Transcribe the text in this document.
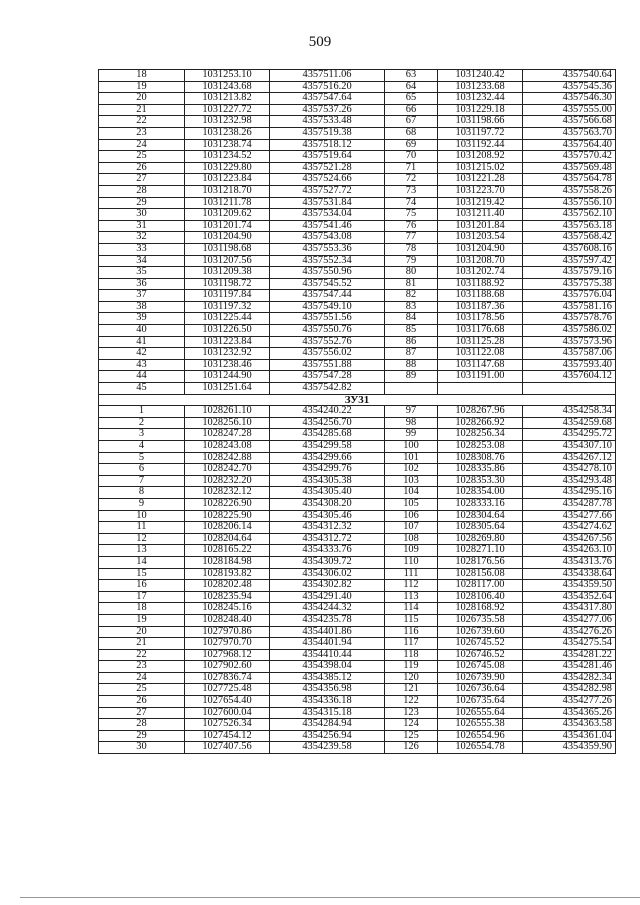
509
18	1031253.10	4357511.06	63	1031240.42	4357540.64
19	1031243.68	4357516.20	64	1031233.68	4357545.36
20	1031213.82	4357547.64	65	1031232.44	4357546.30
21	1031227.72	4357537.26	66	1031229.18	4357555.00
22	1031232.98	4357533.48	67	1031198.66	4357566.68
23	1031238.26	4357519.38	68	1031197.72	4357563.70
24	1031238.74	4357518.12	69	1031192.44	4357564.40
25	1031234.52	4357519.64	70	1031208.92	4357570.42
26	1031229.80	4357521.28	71	1031215.02	4357569.48
27	1031223.84	4357524.66	72	1031221.28	4357564.78
28	1031218.70	4357527.72	73	1031223.70	4357558.26
29	1031211.78	4357531.84	74	1031219.42	4357556.10
30	1031209.62	4357534.04	75	1031211.40	4357562.10
31	1031201.74	4357541.46	76	1031201.84	4357563.18
32	1031204.90	4357543.08	77	1031203.54	4357568.42
33	1031198.68	4357553.36	78	1031204.90	4357608.16
34	1031207.56	4357552.34	79	1031208.70	4357597.42
35	1031209.38	4357550.96	80	1031202.74	4357579.16
36	1031198.72	4357545.52	81	1031188.92	4357575.38
37	1031197.84	4357547.44	82	1031188.68	4357576.04
38	1031197.32	4357549.10	83	1031187.36	4357581.16
39	1031225.44	4357551.56	84	1031178.56	4357578.76
40	1031226.50	4357550.76	85	1031176.68	4357586.02
41	1031223.84	4357552.76	86	1031125.28	4357573.96
42	1031232.92	4357556.02	87	1031122.08	4357587.06
43	1031238.46	4357551.88	88	1031147.68	4357593.40
44	1031244.90	4357547.28	89	1031191.00	4357604.12
45	1031251.64	4357542.82			
ЗУ31					
1	1028261.10	4354240.22	97	1028267.96	4354258.34
2	1028256.10	4354256.70	98	1028266.92	4354259.68
3	1028247.28	4354285.68	99	1028256.34	4354295.72
4	1028243.08	4354299.58	100	1028253.08	4354307.10
5	1028242.88	4354299.66	101	1028308.76	4354267.12
6	1028242.70	4354299.76	102	1028335.86	4354278.10
7	1028232.20	4354305.38	103	1028353.30	4354293.48
8	1028232.12	4354305.40	104	1028354.00	4354295.16
9	1028226.90	4354308.20	105	1028333.16	4354287.78
10	1028225.90	4354305.46	106	1028304.64	4354277.66
11	1028206.14	4354312.32	107	1028305.64	4354274.62
12	1028204.64	4354312.72	108	1028269.80	4354267.56
13	1028165.22	4354333.76	109	1028271.10	4354263.10
14	1028184.98	4354309.72	110	1028176.56	4354313.76
15	1028193.82	4354306.02	111	1028156.08	4354338.64
16	1028202.48	4354302.82	112	1028117.00	4354359.50
17	1028235.94	4354291.40	113	1028106.40	4354352.64
18	1028245.16	4354244.32	114	1028168.92	4354317.80
19	1028248.40	4354235.78	115	1026735.58	4354277.06
20	1027970.86	4354401.86	116	1026739.60	4354276.26
21	1027970.70	4354401.94	117	1026745.52	4354275.54
22	1027968.12	4354410.44	118	1026746.52	4354281.22
23	1027902.60	4354398.04	119	1026745.08	4354281.46
24	1027836.74	4354385.12	120	1026739.90	4354282.34
25	1027725.48	4354356.98	121	1026736.64	4354282.98
26	1027654.40	4354336.18	122	1026735.64	4354277.26
27	1027600.04	4354315.18	123	1026555.64	4354365.26
28	1027526.34	4354284.94	124	1026555.38	4354363.58
29	1027454.12	4354256.94	125	1026554.96	4354361.04
30	1027407.56	4354239.58	126	1026554.78	4354359.90
